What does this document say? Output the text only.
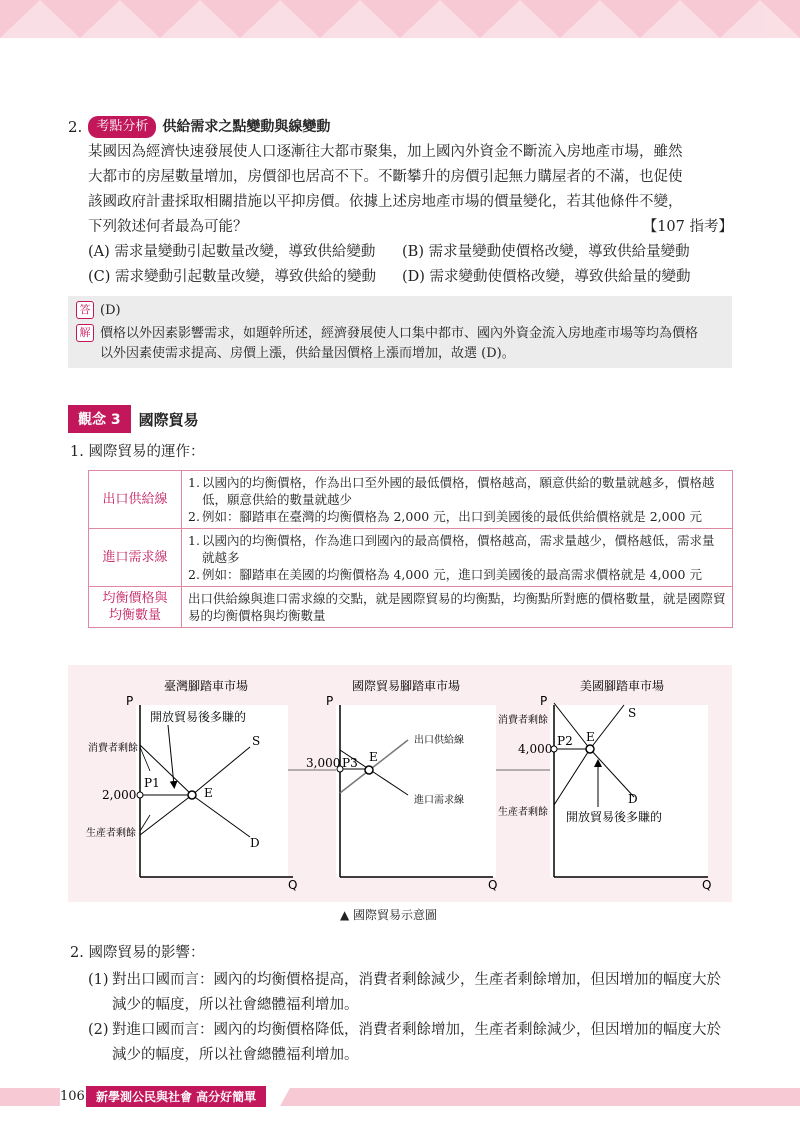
2.	考點分析	供給需求之點變動與線變動

某國因為經濟快速發展使人口逐漸往大都市聚集，加上國內外資金不斷流入房地產市場，雖然

大都市的房屋數量增加，房價卻也居高不下。不斷攀升的房價引起無力購屋者的不滿，也促使

該國政府計畫採取相關措施以平抑房價。依據上述房地產市場的價量變化，若其他條件不變，

下列敘述何者最為可能？	【107 指考】

(A) 需求量變動引起數量改變，導致供給變動	(B) 需求量變動使價格改變，導致供給量變動
(C) 需求變動引起數量改變，導致供給的變動	(D) 需求變動使價格改變，導致供給量的變動
答 (D)
解 價格以外因素影響需求，如題幹所述，經濟發展使人口集中都市、國內外資金流入房地產市場等均為價格
以外因素使需求提高、房價上漲，供給量因價格上漲而增加，故選 (D)。
觀念 3	國際貿易
1. 國際貿易的運作：
出口供給線	1. 以國內的均衡價格，作為出口至外國的最低價格，價格越高，願意供給的數量就越多，價格越低，願意供給的數量就越少
2. 例如：腳踏車在臺灣的均衡價格為 2,000 元，出口到美國後的最低供給價格就是 2,000 元

進口需求線	1. 以國內的均衡價格，作為進口到國內的最高價格，價格越高，需求量越少，價格越低，需求量就越多
2. 例如：腳踏車在美國的均衡價格為 4,000 元，進口到美國後的最高需求價格就是 4,000 元

均衡價格與
均衡數量	出口供給線與進口需求線的交點，就是國際貿易的均衡點，均衡點所對應的價格數量，就是國際貿易的均衡價格與均衡數量
臺灣腳踏車市場
P
Q
2,000
P1
E
S
D
消費者剩餘
生產者剩餘
開放貿易後多賺的
國際貿易腳踏車市場
P
Q
3,000 P3 E
出口供給線
進口需求線
美國腳踏車市場
P
Q
4,000
P2 E
S
D
消費者剩餘
生產者剩餘 開放貿易後多賺的
▲ 國際貿易示意圖
2. 國際貿易的影響：
(1) 對出口國而言：國內的均衡價格提高，消費者剩餘減少，生產者剩餘增加，但因增加的幅度大於減少的幅度，所以社會總體福利增加。
(2) 對進口國而言：國內的均衡價格降低，消費者剩餘增加，生產者剩餘減少，但因增加的幅度大於減少的幅度，所以社會總體福利增加。
106 新學測公民與社會 高分好簡單
